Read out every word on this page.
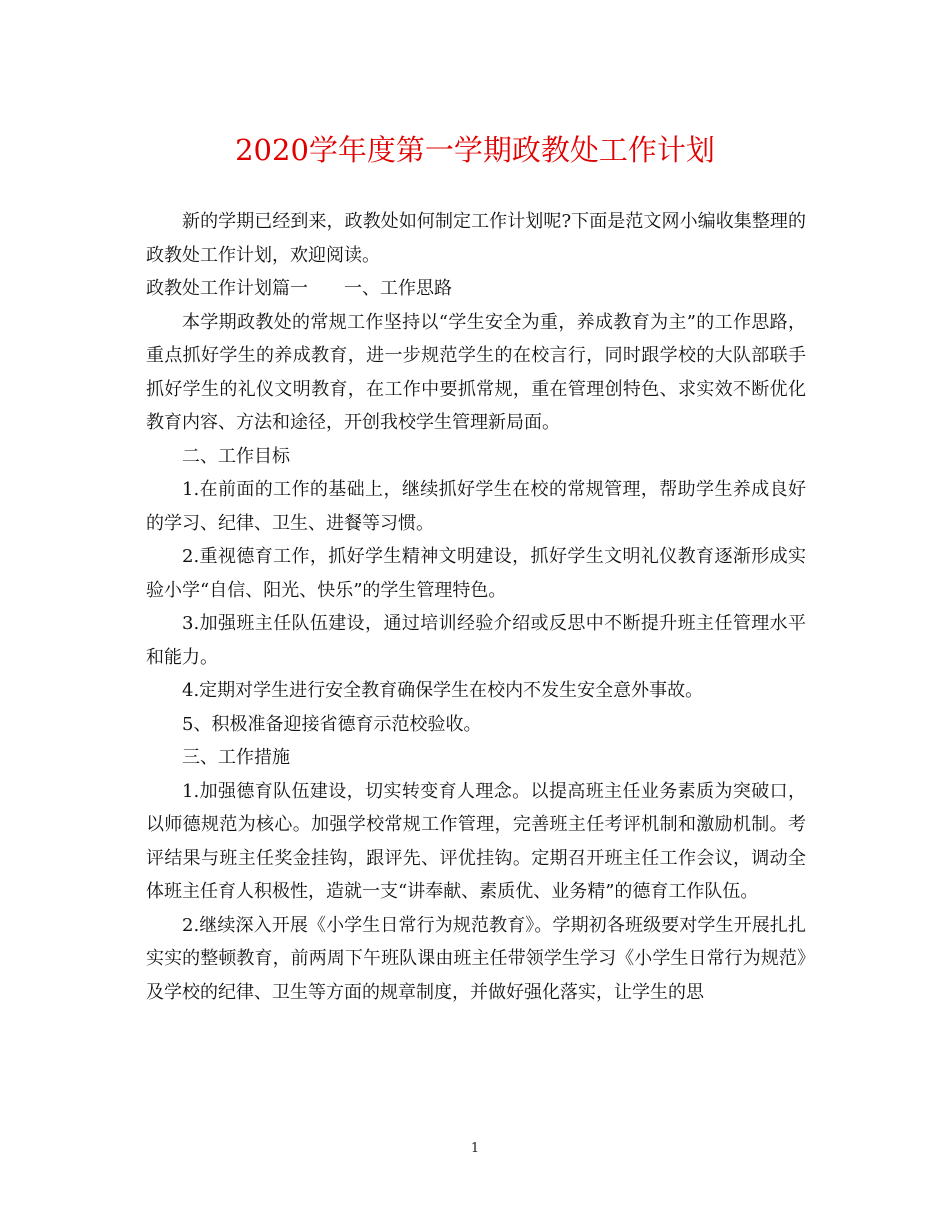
2020学年度第一学期政教处工作计划

新的学期已经到来，政教处如何制定工作计划呢?下面是范文网小编收集整理的政教处工作计划，欢迎阅读。

政教处工作计划篇一　　一、工作思路

本学期政教处的常规工作坚持以“学生安全为重，养成教育为主”的工作思路，重点抓好学生的养成教育，进一步规范学生的在校言行，同时跟学校的大队部联手抓好学生的礼仪文明教育，在工作中要抓常规，重在管理创特色、求实效不断优化教育内容、方法和途径，开创我校学生管理新局面。

二、工作目标

1.在前面的工作的基础上，继续抓好学生在校的常规管理，帮助学生养成良好的学习、纪律、卫生、进餐等习惯。

2.重视德育工作，抓好学生精神文明建设，抓好学生文明礼仪教育逐渐形成实验小学“自信、阳光、快乐”的学生管理特色。

3.加强班主任队伍建设，通过培训经验介绍或反思中不断提升班主任管理水平和能力。

4.定期对学生进行安全教育确保学生在校内不发生安全意外事故。

5、积极准备迎接省德育示范校验收。

三、工作措施

1.加强德育队伍建设，切实转变育人理念。以提高班主任业务素质为突破口，以师德规范为核心。加强学校常规工作管理，完善班主任考评机制和激励机制。考评结果与班主任奖金挂钩，跟评先、评优挂钩。定期召开班主任工作会议，调动全体班主任育人积极性，造就一支“讲奉献、素质优、业务精”的德育工作队伍。

2.继续深入开展《小学生日常行为规范教育》。学期初各班级要对学生开展扎扎实实的整顿教育，前两周下午班队课由班主任带领学生学习《小学生日常行为规范》及学校的纪律、卫生等方面的规章制度，并做好强化落实，让学生的思

1
